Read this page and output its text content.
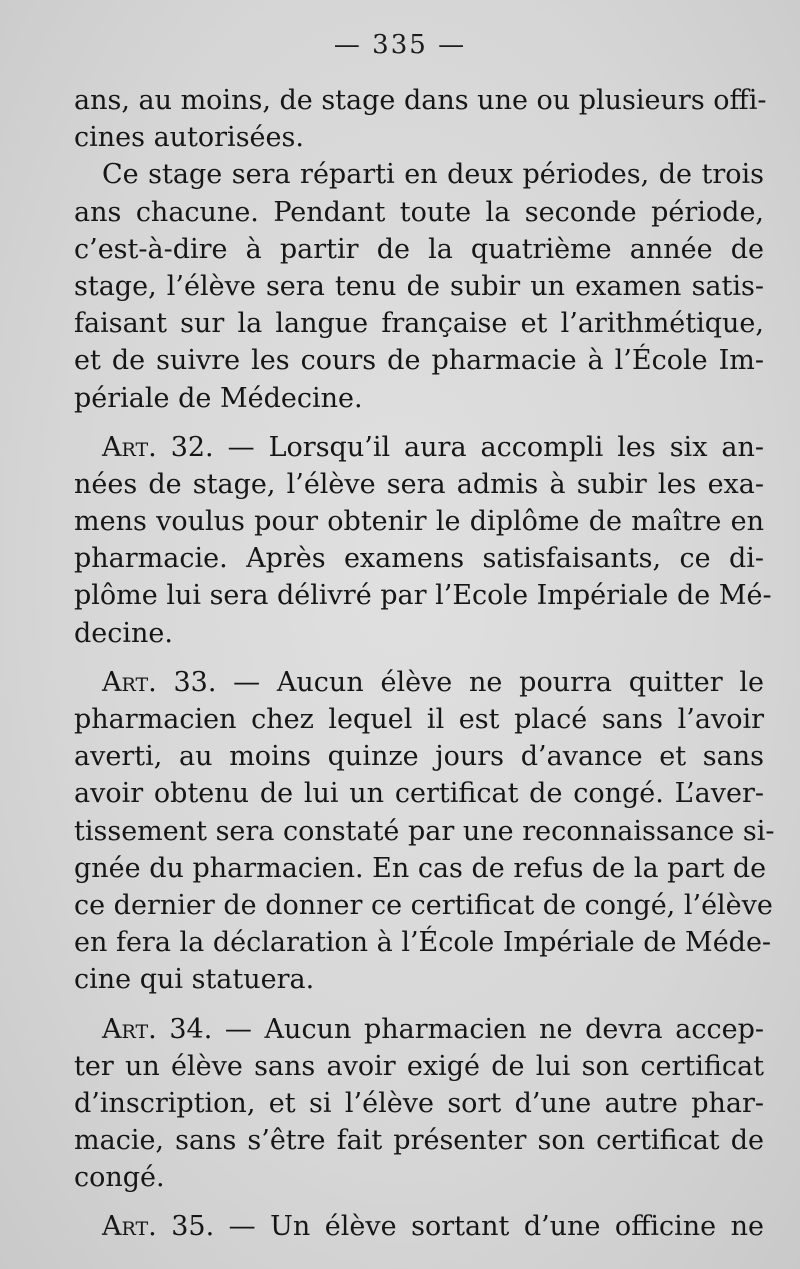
— 335 —
ans, au moins, de stage dans une ou plusieurs offi-
cines autorisées.
Ce stage sera réparti en deux périodes, de trois
ans chacune. Pendant toute la seconde période,
c’est-à-dire à partir de la quatrième année de
stage, l’élève sera tenu de subir un examen satis-
faisant sur la langue française et l’arithmétique,
et de suivre les cours de pharmacie à l’École Im-
périale de Médecine.
Art. 32. — Lorsqu’il aura accompli les six an-
nées de stage, l’élève sera admis à subir les exa-
mens voulus pour obtenir le diplôme de maître en
pharmacie. Après examens satisfaisants, ce di-
plôme lui sera délivré par l’Ecole Impériale de Mé-
decine.
Art. 33. — Aucun élève ne pourra quitter le
pharmacien chez lequel il est placé sans l’avoir
averti, au moins quinze jours d’avance et sans
avoir obtenu de lui un certificat de congé. L’aver-
tissement sera constaté par une reconnaissance si-
gnée du pharmacien. En cas de refus de la part de
ce dernier de donner ce certificat de congé, l’élève
en fera la déclaration à l’École Impériale de Méde-
cine qui statuera.
Art. 34. — Aucun pharmacien ne devra accep-
ter un élève sans avoir exigé de lui son certificat
d’inscription, et si l’élève sort d’une autre phar-
macie, sans s’être fait présenter son certificat de
congé.
Art. 35. — Un élève sortant d’une officine ne
